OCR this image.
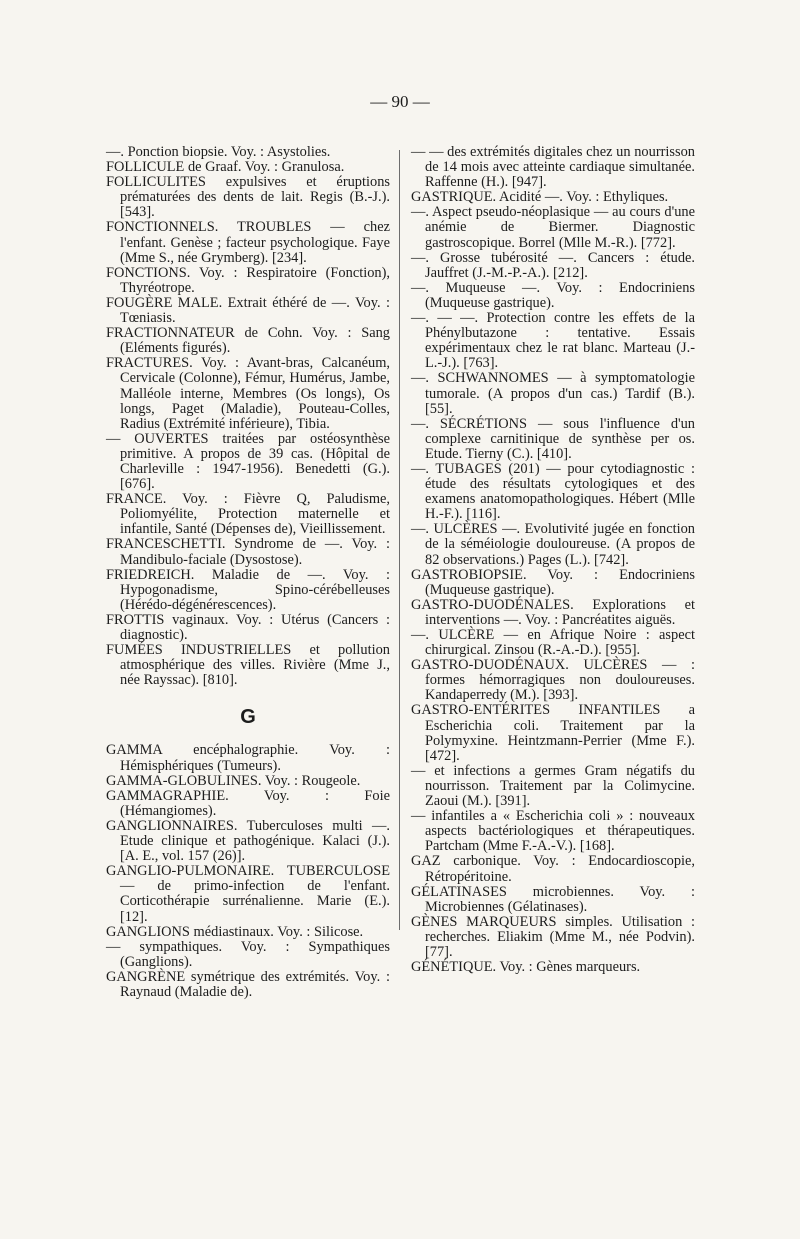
— 90 —

—. Ponction biopsie. Voy. : Asystolies.

FOLLICULE de Graaf. Voy. : Granulosa.

FOLLICULITES expulsives et éruptions prématurées des dents de lait. Regis (B.-J.). [543].

FONCTIONNELS. TROUBLES — chez l'enfant. Genèse ; facteur psychologique. Faye (Mme S., née Grymberg). [234].

FONCTIONS. Voy. : Respiratoire (Fonction), Thyréotrope.

FOUGÈRE MALE. Extrait éthéré de —. Voy. : Tœniasis.

FRACTIONNATEUR de Cohn. Voy. : Sang (Eléments figurés).

FRACTURES. Voy. : Avant-bras, Calcanéum, Cervicale (Colonne), Fémur, Humérus, Jambe, Malléole interne, Membres (Os longs), Os longs, Paget (Maladie), Pouteau-Colles, Radius (Extrémité inférieure), Tibia.

— OUVERTES traitées par ostéosynthèse primitive. A propos de 39 cas. (Hôpital de Charleville : 1947-1956). Benedetti (G.). [676].

FRANCE. Voy. : Fièvre Q, Paludisme, Poliomyélite, Protection maternelle et infantile, Santé (Dépenses de), Vieillissement.

FRANCESCHETTI. Syndrome de —. Voy. : Mandibulo-faciale (Dysostose).

FRIEDREICH. Maladie de —. Voy. : Hypogonadisme, Spino-cérébelleuses (Hérédo-dégénérescences).

FROTTIS vaginaux. Voy. : Utérus (Cancers : diagnostic).

FUMÉES INDUSTRIELLES et pollution atmosphérique des villes. Rivière (Mme J., née Rayssac). [810].

G

GAMMA encéphalographie. Voy. : Hémisphériques (Tumeurs).

GAMMA-GLOBULINES. Voy. : Rougeole.

GAMMAGRAPHIE. Voy. : Foie (Hémangiomes).

GANGLIONNAIRES. Tuberculoses multi —. Etude clinique et pathogénique. Kalaci (J.). [A. E., vol. 157 (26)].

GANGLIO-PULMONAIRE. TUBERCULOSE — de primo-infection de l'enfant. Corticothérapie surrénalienne. Marie (E.). [12].

GANGLIONS médiastinaux. Voy. : Silicose.

— sympathiques. Voy. : Sympathiques (Ganglions).

GANGRÈNE symétrique des extrémités. Voy. : Raynaud (Maladie de).

— — des extrémités digitales chez un nourrisson de 14 mois avec atteinte cardiaque simultanée. Raffenne (H.). [947].

GASTRIQUE. Acidité —. Voy. : Ethyliques.

—. Aspect pseudo-néoplasique — au cours d'une anémie de Biermer. Diagnostic gastroscopique. Borrel (Mlle M.-R.). [772].

—. Grosse tubérosité —. Cancers : étude. Jauffret (J.-M.-P.-A.). [212].

—. Muqueuse —. Voy. : Endocriniens (Muqueuse gastrique).

—. — —. Protection contre les effets de la Phénylbutazone : tentative. Essais expérimentaux chez le rat blanc. Marteau (J.-L.-J.). [763].

—. SCHWANNOMES — à symptomatologie tumorale. (A propos d'un cas.) Tardif (B.). [55].

—. SÉCRÉTIONS — sous l'influence d'un complexe carnitinique de synthèse per os. Etude. Tierny (C.). [410].

—. TUBAGES (201) — pour cytodiagnostic : étude des résultats cytologiques et des examens anatomopathologiques. Hébert (Mlle H.-F.). [116].

—. ULCÈRES —. Evolutivité jugée en fonction de la séméiologie douloureuse. (A propos de 82 observations.) Pages (L.). [742].

GASTROBIOPSIE. Voy. : Endocriniens (Muqueuse gastrique).

GASTRO-DUODÉNALES. Explorations et interventions —. Voy. : Pancréatites aiguës.

—. ULCÈRE — en Afrique Noire : aspect chirurgical. Zinsou (R.-A.-D.). [955].

GASTRO-DUODÉNAUX. ULCÈRES — : formes hémorragiques non douloureuses. Kandaperredy (M.). [393].

GASTRO-ENTÉRITES INFANTILES a Escherichia coli. Traitement par la Polymyxine. Heintzmann-Perrier (Mme F.). [472].

— et infections a germes Gram négatifs du nourrisson. Traitement par la Colimycine. Zaoui (M.). [391].

— infantiles a « Escherichia coli » : nouveaux aspects bactériologiques et thérapeutiques. Partcham (Mme F.-A.-V.). [168].

GAZ carbonique. Voy. : Endocardioscopie, Rétropéritoine.

GÉLATINASES microbiennes. Voy. : Microbiennes (Gélatinases).

GÈNES MARQUEURS simples. Utilisation : recherches. Eliakim (Mme M., née Podvin). [77].

GÉNÉTIQUE. Voy. : Gènes marqueurs.
